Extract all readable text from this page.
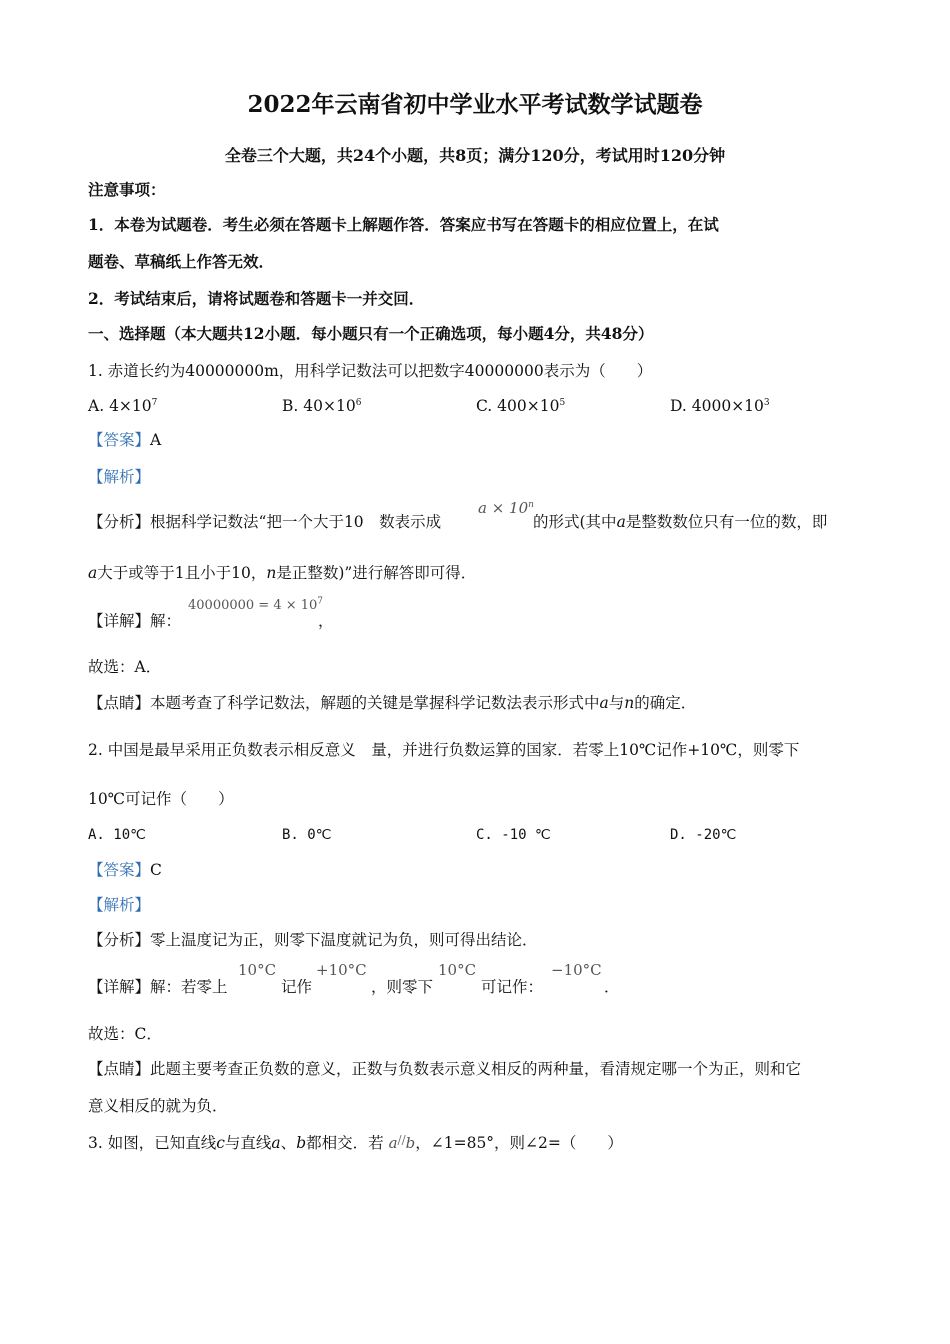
2022年云南省初中学业水平考试数学试题卷
全卷三个大题，共24个小题，共8页；满分120分，考试用时120分钟
注意事项：
1．本卷为试题卷．考生必须在答题卡上解题作答．答案应书写在答题卡的相应位置上，在试
题卷、草稿纸上作答无效．
2．考试结束后，请将试题卷和答题卡一并交回．
一、选择题（本大题共12小题．每小题只有一个正确选项，每小题4分，共48分）
1. 赤道长约为40000000m，用科学记数法可以把数字40000000表示为（　　）
A. $4\times 10^7$	B. $40\times 10^6$	C. $400\times 10^5$	D. $4000\times 10^3$
【答案】A
【解析】
【分析】根据科学记数法“把一个大于10　数表示成
$a \times 10^n$
的形式(其中a是整数数位只有一位的数，即
a大于或等于1且小于10，n是正整数)”进行解答即可得．
【详解】解：
$40000000 = 4 \times 10^7$
，
故选：A．
【点睛】本题考查了科学记数法，解题的关键是掌握科学记数法表示形式中a与n的确定．
2. 中国是最早采用正负数表示相反意义　量，并进行负数运算的国家．若零上10℃记作+10℃，则零下
10℃可记作（　　）
A. 10℃	B. 0℃	C. -10 ℃	D. -20℃
【答案】C
【解析】
【分析】零上温度记为正，则零下温度就记为负，则可得出结论．
【详解】解：若零上
10°C
记作
+10°C
，则零下
10°C
可记作：
−10°C
．
故选：C．
【点睛】此题主要考查正负数的意义，正数与负数表示意义相反的两种量，看清规定哪一个为正，则和它
意义相反的就为负．
3. 如图，已知直线c与直线a、b都相交．若 a//b，∠1=85°，则∠2=（　　）
